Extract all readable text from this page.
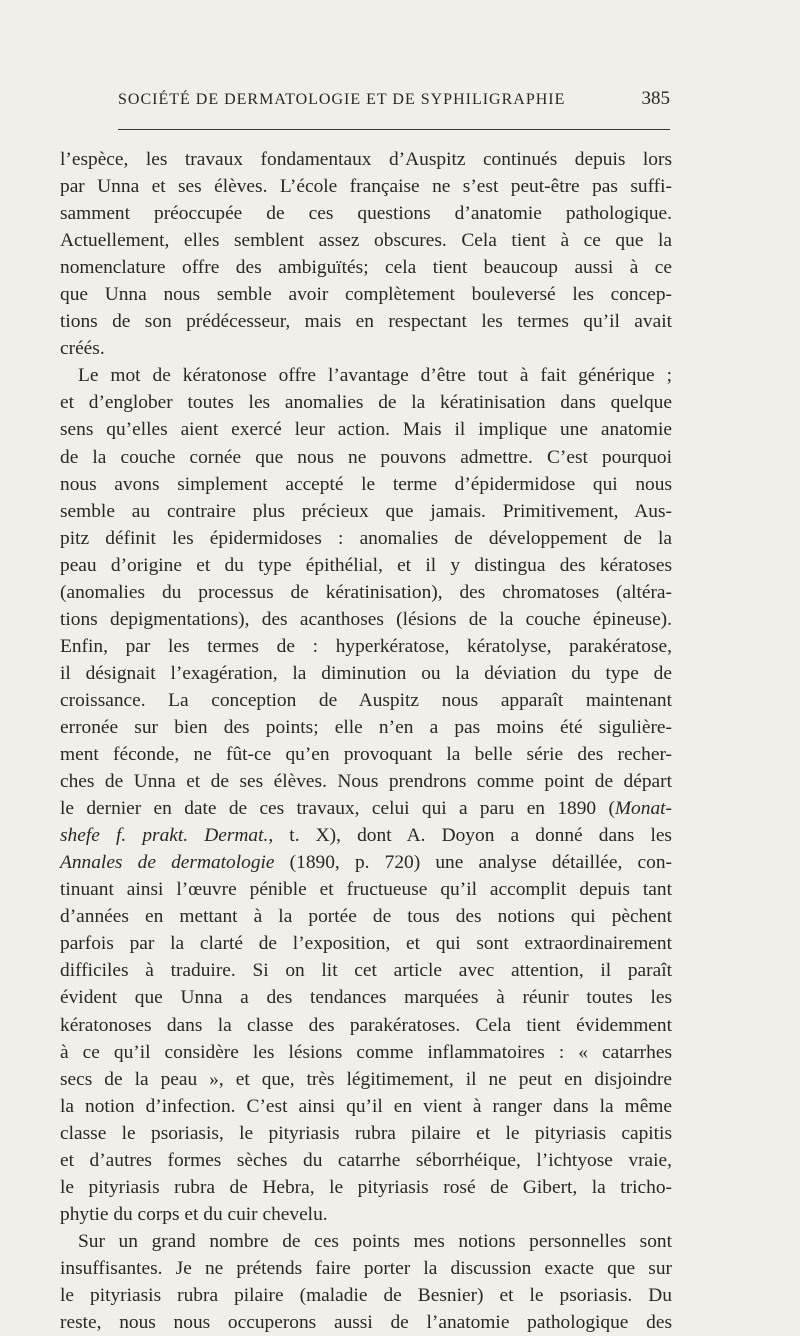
SOCIÉTÉ DE DERMATOLOGIE ET DE SYPHILIGRAPHIE	385
l’espèce, les travaux fondamentaux d’Auspitz continués depuis lors
par Unna et ses élèves. L’école française ne s’est peut-être pas suffi-
samment préoccupée de ces questions d’anatomie pathologique.
Actuellement, elles semblent assez obscures. Cela tient à ce que la
nomenclature offre des ambiguïtés; cela tient beaucoup aussi à ce
que Unna nous semble avoir complètement bouleversé les concep-
tions de son prédécesseur, mais en respectant les termes qu’il avait
créés.
Le mot de kératonose offre l’avantage d’être tout à fait générique ;
et d’englober toutes les anomalies de la kératinisation dans quelque
sens qu’elles aient exercé leur action. Mais il implique une anatomie
de la couche cornée que nous ne pouvons admettre. C’est pourquoi
nous avons simplement accepté le terme d’épidermidose qui nous
semble au contraire plus précieux que jamais. Primitivement, Aus-
pitz définit les épidermidoses : anomalies de développement de la
peau d’origine et du type épithélial, et il y distingua des kératoses
(anomalies du processus de kératinisation), des chromatoses (altéra-
tions depigmentations), des acanthoses (lésions de la couche épineuse).
Enfin, par les termes de : hyperkératose, kératolyse, parakératose,
il désignait l’exagération, la diminution ou la déviation du type de
croissance. La conception de Auspitz nous apparaît maintenant
erronée sur bien des points; elle n’en a pas moins été sigulière-
ment féconde, ne fût-ce qu’en provoquant la belle série des recher-
ches de Unna et de ses élèves. Nous prendrons comme point de départ
le dernier en date de ces travaux, celui qui a paru en 1890 (Monat-
shefe f. prakt. Dermat., t. X), dont A. Doyon a donné dans les
Annales de dermatologie (1890, p. 720) une analyse détaillée, con-
tinuant ainsi l’œuvre pénible et fructueuse qu’il accomplit depuis tant
d’années en mettant à la portée de tous des notions qui pèchent
parfois par la clarté de l’exposition, et qui sont extraordinairement
difficiles à traduire. Si on lit cet article avec attention, il paraît
évident que Unna a des tendances marquées à réunir toutes les
kératonoses dans la classe des parakératoses. Cela tient évidemment
à ce qu’il considère les lésions comme inflammatoires : « catarrhes
secs de la peau », et que, très légitimement, il ne peut en disjoindre
la notion d’infection. C’est ainsi qu’il en vient à ranger dans la même
classe le psoriasis, le pityriasis rubra pilaire et le pityriasis capitis
et d’autres formes sèches du catarrhe séborrhéique, l’ichtyose vraie,
le pityriasis rubra de Hebra, le pityriasis rosé de Gibert, la tricho-
phytie du corps et du cuir chevelu.
Sur un grand nombre de ces points mes notions personnelles sont
insuffisantes. Je ne prétends faire porter la discussion exacte que sur
le pityriasis rubra pilaire (maladie de Besnier) et le psoriasis. Du
reste, nous nous occuperons aussi de l’anatomie pathologique des
